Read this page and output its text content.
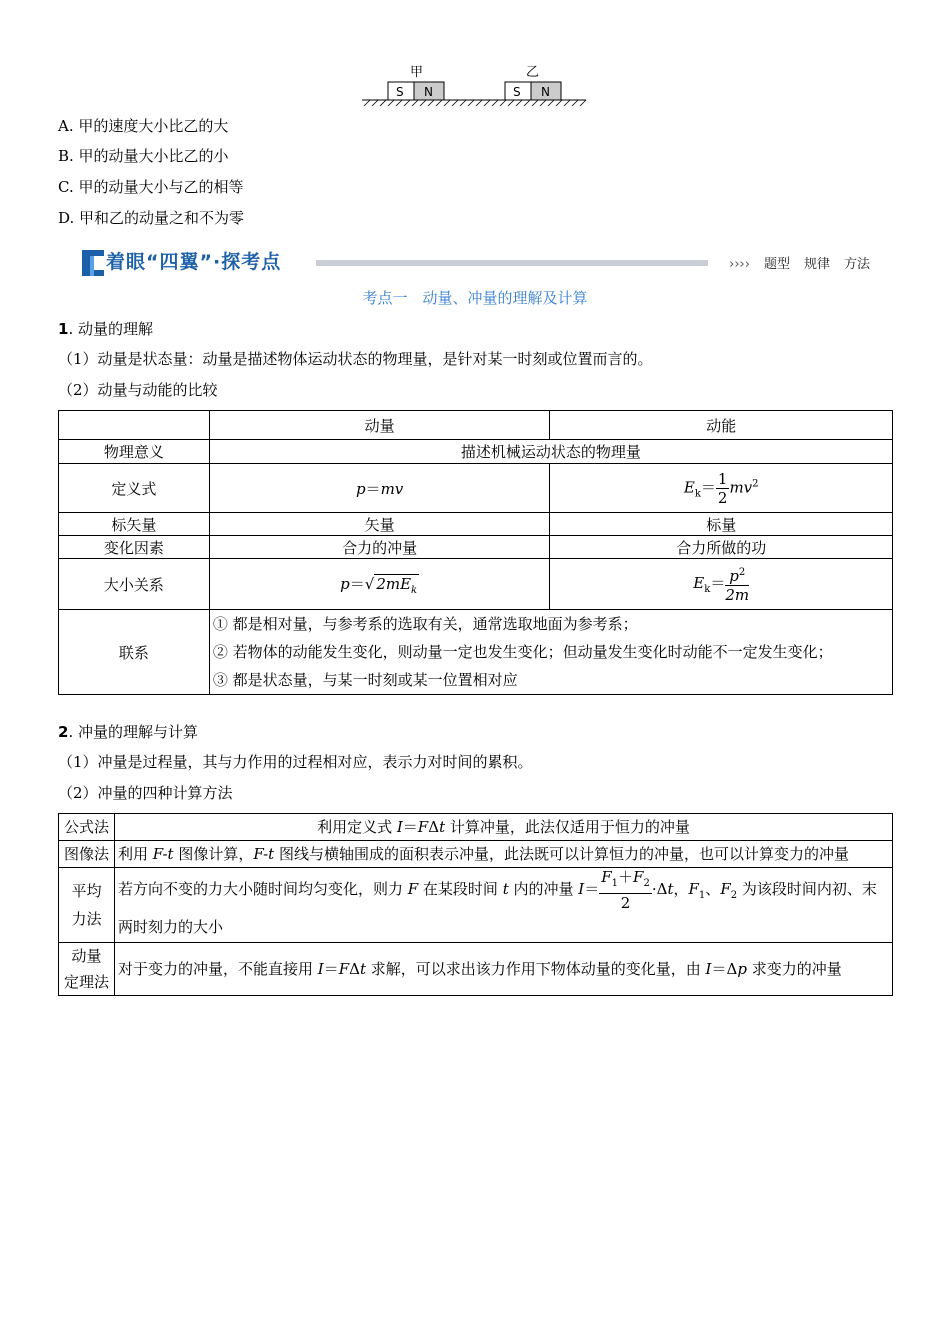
甲	乙
S N	S N
A. 甲的速度大小比乙的大
B. 甲的动量大小比乙的小
C. 甲的动量大小与乙的相等
D. 甲和乙的动量之和不为零
着眼“四翼”·探考点	›››› 题型 规律 方法
考点一　动量、冲量的理解及计算
1. 动量的理解
（1）动量是状态量：动量是描述物体运动状态的物理量，是针对某一时刻或位置而言的。
（2）动量与动能的比较
	动量	动能
物理意义	描述机械运动状态的物理量	
定义式	p＝mv	$E_k= \frac{1}{2} mv^2$
标矢量	矢量	标量
变化因素	合力的冲量	合力所做的功
大小关系	p＝√ $2mE_k$	$E_k= \frac{p^2}{2m}$

联系	① 都是相对量，与参考系的选取有关，通常选取地面为参考系；
② 若物体的动能发生变化，则动量一定也发生变化；但动量发生变化时动能不一定发生变化；
③ 都是状态量，与某一时刻或某一位置相对应	
2. 冲量的理解与计算
（1）冲量是过程量，其与力作用的过程相对应，表示力对时间的累积。
（2）冲量的四种计算方法
公式法	利用定义式 I＝FΔt 计算冲量，此法仅适用于恒力的冲量
图像法	利用 F-t 图像计算，F-t 图线与横轴围成的面积表示冲量，此法既可以计算恒力的冲量，也可以计算变力的冲量
平均
力法	若方向不变的力大小随时间均匀变化，则力 F 在某段时间 t 内的冲量 $I= \frac{F_1+F_2}{2} \cdot\Delta t$，$F_1$、$F_2$ 为该段时间内初、末两时刻力的大小
动量
定理法	对于变力的冲量，不能直接用 I＝FΔt 求解，可以求出该力作用下物体动量的变化量，由 I＝Δp 求变力的冲量
